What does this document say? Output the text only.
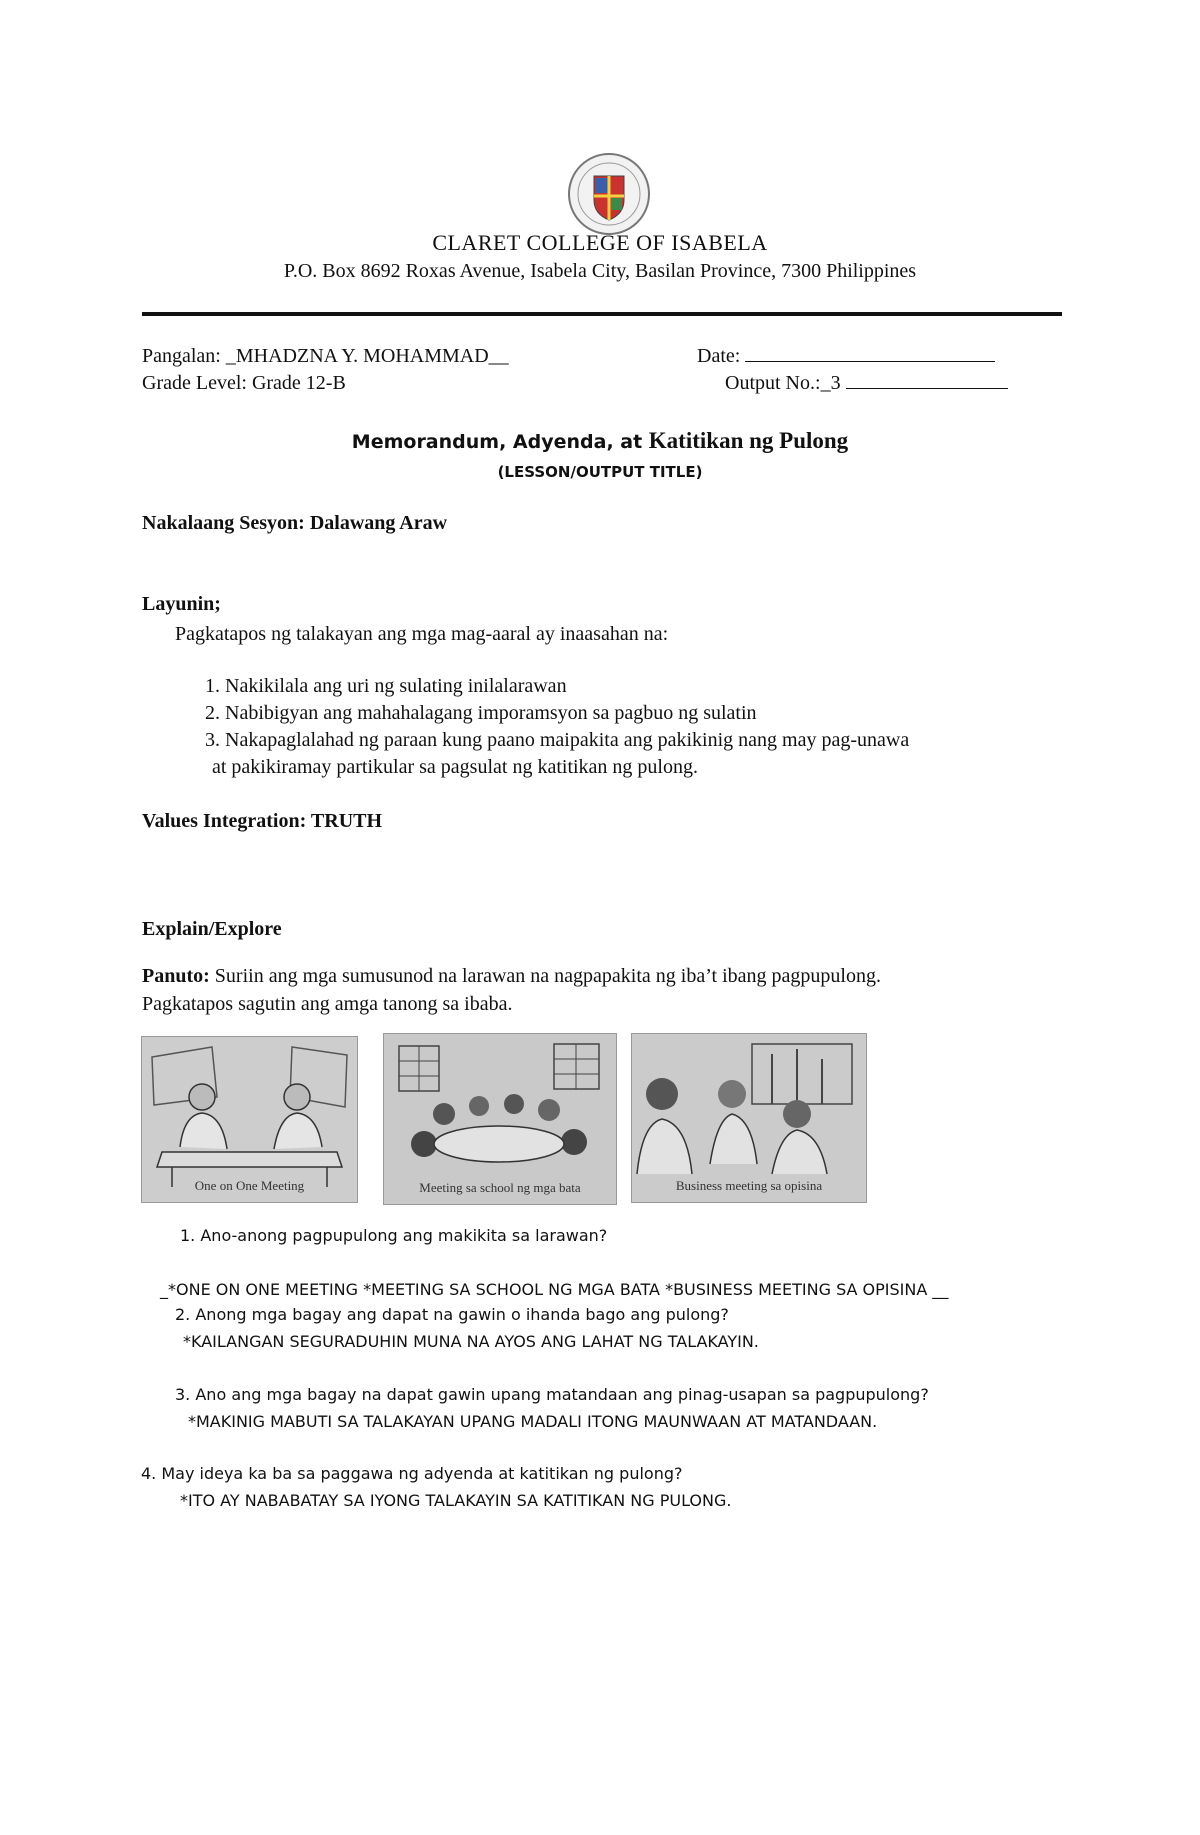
CLARET COLLEGE OF ISABELA
P.O. Box 8692 Roxas Avenue, Isabela City, Basilan Province, 7300 Philippines
Pangalan: _MHADZNA Y. MOHAMMAD__	Date:
Grade Level: Grade 12-B	Output No.:_3
Memorandum, Adyenda, at Katitikan ng Pulong
(LESSON/OUTPUT TITLE)
Nakalaang Sesyon: Dalawang Araw
Layunin;
Pagkatapos ng talakayan ang mga mag-aaral ay inaasahan na:
1. Nakikilala ang uri ng sulating inilalarawan
2. Nabibigyan ang mahahalagang imporamsyon sa pagbuo ng sulatin
3. Nakapaglalahad ng paraan kung paano maipakita ang pakikinig nang may pag-unawa
at pakikiramay partikular sa pagsulat ng katitikan ng pulong.
Values Integration: TRUTH
Explain/Explore
Panuto: Suriin ang mga sumusunod na larawan na nagpapakita ng iba’t ibang pagpupulong.
Pagkatapos sagutin ang amga tanong sa ibaba.
One on One Meeting	Meeting sa school ng mga bata	Business meeting sa opisina
1. Ano-anong pagpupulong ang makikita sa larawan?
_*ONE ON ONE MEETING *MEETING SA SCHOOL NG MGA BATA *BUSINESS MEETING SA OPISINA __
2. Anong mga bagay ang dapat na gawin o ihanda bago ang pulong?
*KAILANGAN SEGURADUHIN MUNA NA AYOS ANG LAHAT NG TALAKAYIN.
3. Ano ang mga bagay na dapat gawin upang matandaan ang pinag-usapan sa pagpupulong?
*MAKINIG MABUTI SA TALAKAYAN UPANG MADALI ITONG MAUNWAAN AT MATANDAAN.
4. May ideya ka ba sa paggawa ng adyenda at katitikan ng pulong?
*ITO AY NABABATAY SA IYONG TALAKAYIN SA KATITIKAN NG PULONG.
